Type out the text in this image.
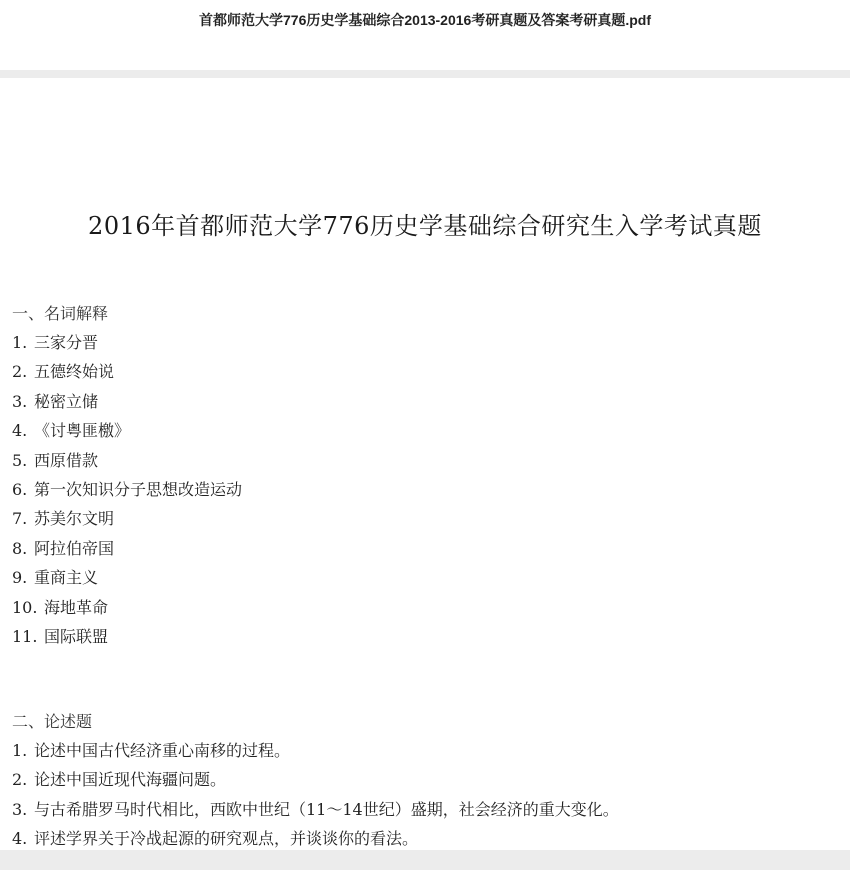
首都师范大学776历史学基础综合2013-2016考研真题及答案考研真题.pdf
2016年首都师范大学776历史学基础综合研究生入学考试真题
一、名词解释
1. 三家分晋
2. 五德终始说
3. 秘密立储
4. 《讨粤匪檄》
5. 西原借款
6. 第一次知识分子思想改造运动
7. 苏美尔文明
8. 阿拉伯帝国
9. 重商主义
10. 海地革命
11. 国际联盟
二、论述题
1. 论述中国古代经济重心南移的过程。
2. 论述中国近现代海疆问题。
3. 与古希腊罗马时代相比，西欧中世纪（11～14世纪）盛期，社会经济的重大变化。
4. 评述学界关于冷战起源的研究观点，并谈谈你的看法。
